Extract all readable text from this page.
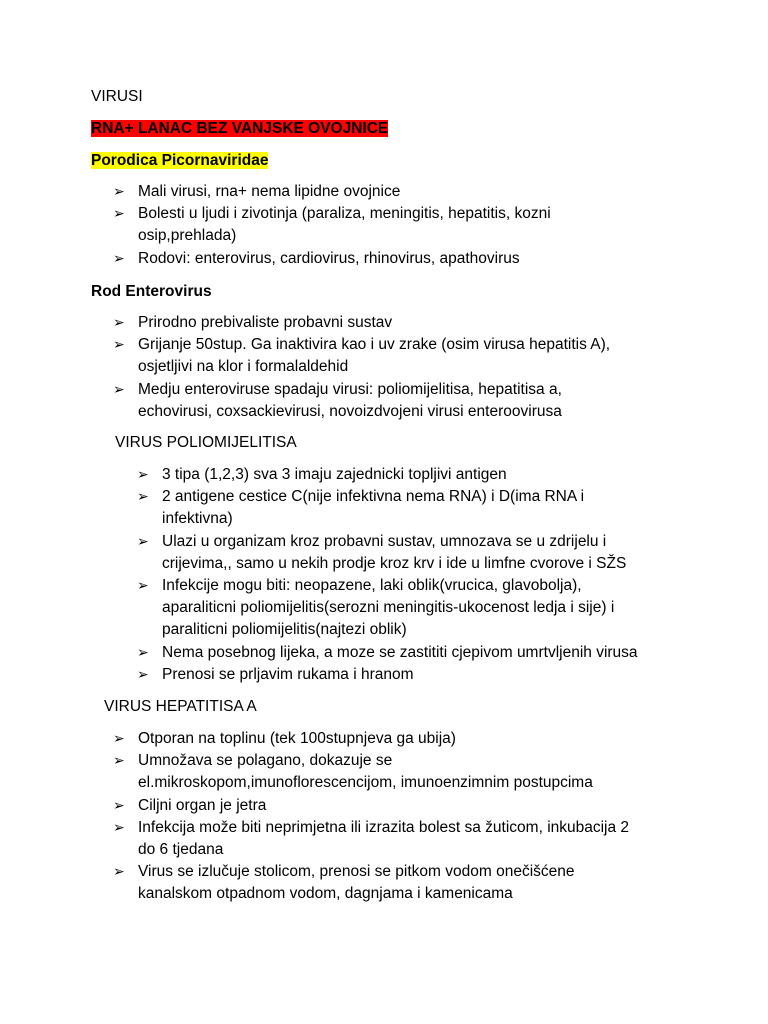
VIRUSI
RNA+ LANAC BEZ VANJSKE OVOJNICE
Porodica Picornaviridae
➢ Mali virusi, rna+ nema lipidne ovojnice
➢ Bolesti u ljudi i zivotinja (paraliza, meningitis, hepatitis, kozni
osip,prehlada)
➢ Rodovi: enterovirus, cardiovirus, rhinovirus, apathovirus
Rod Enterovirus
➢ Prirodno prebivaliste probavni sustav
➢ Grijanje 50stup. Ga inaktivira kao i uv zrake (osim virusa hepatitis A),
osjetljivi na klor i formalaldehid
➢ Medju enteroviruse spadaju virusi: poliomijelitisa, hepatitisa a,
echovirusi, coxsackievirusi, novoizdvojeni virusi enteroovirusa
VIRUS POLIOMIJELITISA
➢ 3 tipa (1,2,3) sva 3 imaju zajednicki topljivi antigen
➢ 2 antigene cestice C(nije infektivna nema RNA) i D(ima RNA i
infektivna)
➢ Ulazi u organizam kroz probavni sustav, umnozava se u zdrijelu i
crijevima,, samo u nekih prodje kroz krv i ide u limfne cvorove i SŽS
➢ Infekcije mogu biti: neopazene, laki oblik(vrucica, glavobolja),
aparaliticni poliomijelitis(serozni meningitis-ukocenost ledja i sije) i
paraliticni poliomijelitis(najtezi oblik)
➢ Nema posebnog lijeka, a moze se zastititi cjepivom umrtvljenih virusa
➢ Prenosi se prljavim rukama i hranom
VIRUS HEPATITISA A
➢ Otporan na toplinu (tek 100stupnjeva ga ubija)
➢ Umnožava se polagano, dokazuje se
el.mikroskopom,imunoflorescencijom, imunoenzimnim postupcima
➢ Ciljni organ je jetra
➢ Infekcija može biti neprimjetna ili izrazita bolest sa žuticom, inkubacija 2
do 6 tjedana
➢ Virus se izlučuje stolicom, prenosi se pitkom vodom onečišćene
kanalskom otpadnom vodom, dagnjama i kamenicama
